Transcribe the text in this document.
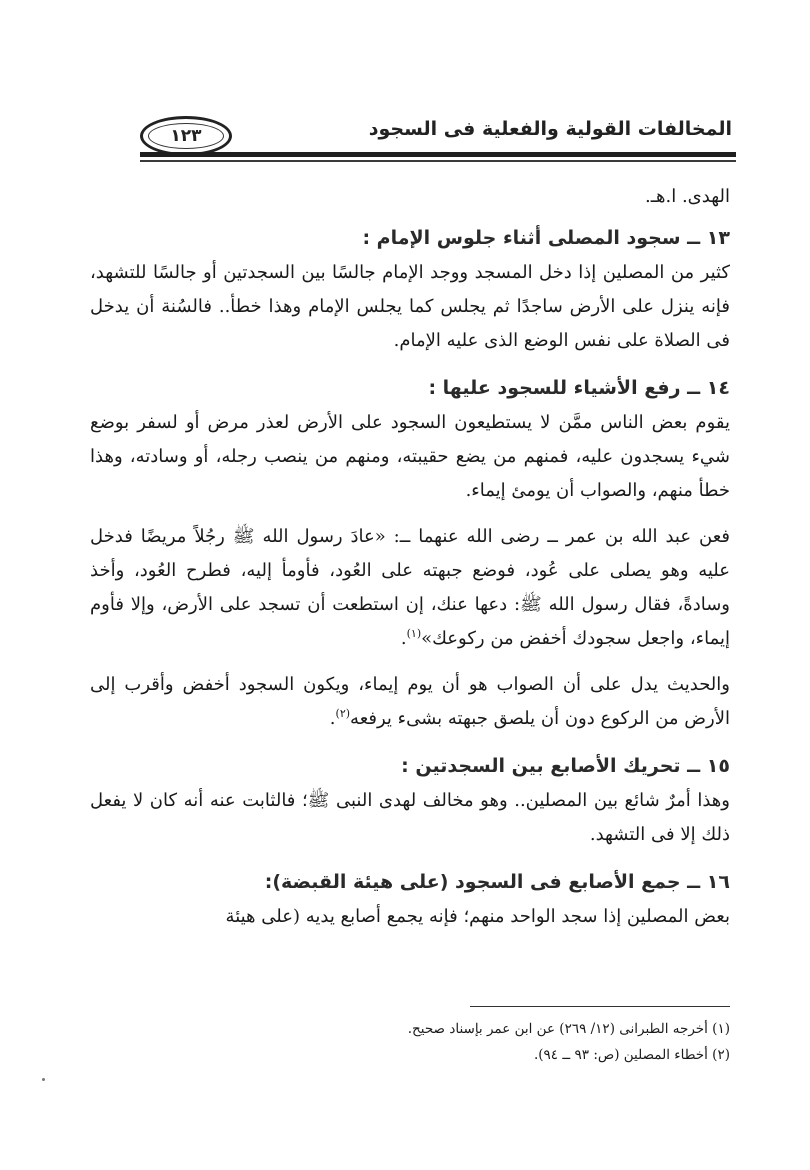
المخالفات القولية والفعلية فى السجود
١٢٣

الهدى. ا.هـ.

١٣ ــ سجود المصلى أثناء جلوس الإمام :

كثير من المصلين إذا دخل المسجد ووجد الإمام جالسًا بين السجدتين أو جالسًا للتشهد، فإنه ينزل على الأرض ساجدًا ثم يجلس كما يجلس الإمام وهذا خطأ.. فالسُنة أن يدخل فى الصلاة على نفس الوضع الذى عليه الإمام.

١٤ ــ رفع الأشياء للسجود عليها :

يقوم بعض الناس ممَّن لا يستطيعون السجود على الأرض لعذر مرض أو لسفر بوضع شيء يسجدون عليه، فمنهم من يضع حقيبته، ومنهم من ينصب رجله، أو وسادته، وهذا خطأ منهم، والصواب أن يومئ إيماء.

فعن عبد الله بن عمر ــ رضى الله عنهما ــ: «عادَ رسول الله ﷺ رجُلاً مريضًا فدخل عليه وهو يصلى على عُود، فوضع جبهته على العُود، فأومأ إليه، فطرح العُود، وأخذ وسادةً، فقال رسول الله ﷺ: دعها عنك، إن استطعت أن تسجد على الأرض، وإلا فأوم إيماء، واجعل سجودك أخفض من ركوعك»$^{(١)}$.

والحديث يدل على أن الصواب هو أن يوم إيماء، ويكون السجود أخفض وأقرب إلى الأرض من الركوع دون أن يلصق جبهته بشىء يرفعه$^{(٢)}$.

١٥ ــ تحريك الأصابع بين السجدتين :

وهذا أمرٌ شائع بين المصلين.. وهو مخالف لهدى النبى ﷺ؛ فالثابت عنه أنه كان لا يفعل ذلك إلا فى التشهد.

١٦ ــ جمع الأصابع فى السجود (على هيئة القبضة):

بعض المصلين إذا سجد الواحد منهم؛ فإنه يجمع أصابع يديه (على هيئة

(١) أخرجه الطبرانى (١٢/ ٢٦٩) عن ابن عمر بإسناد صحيح.
(٢) أخطاء المصلين (ص: ٩٣ ــ ٩٤).
